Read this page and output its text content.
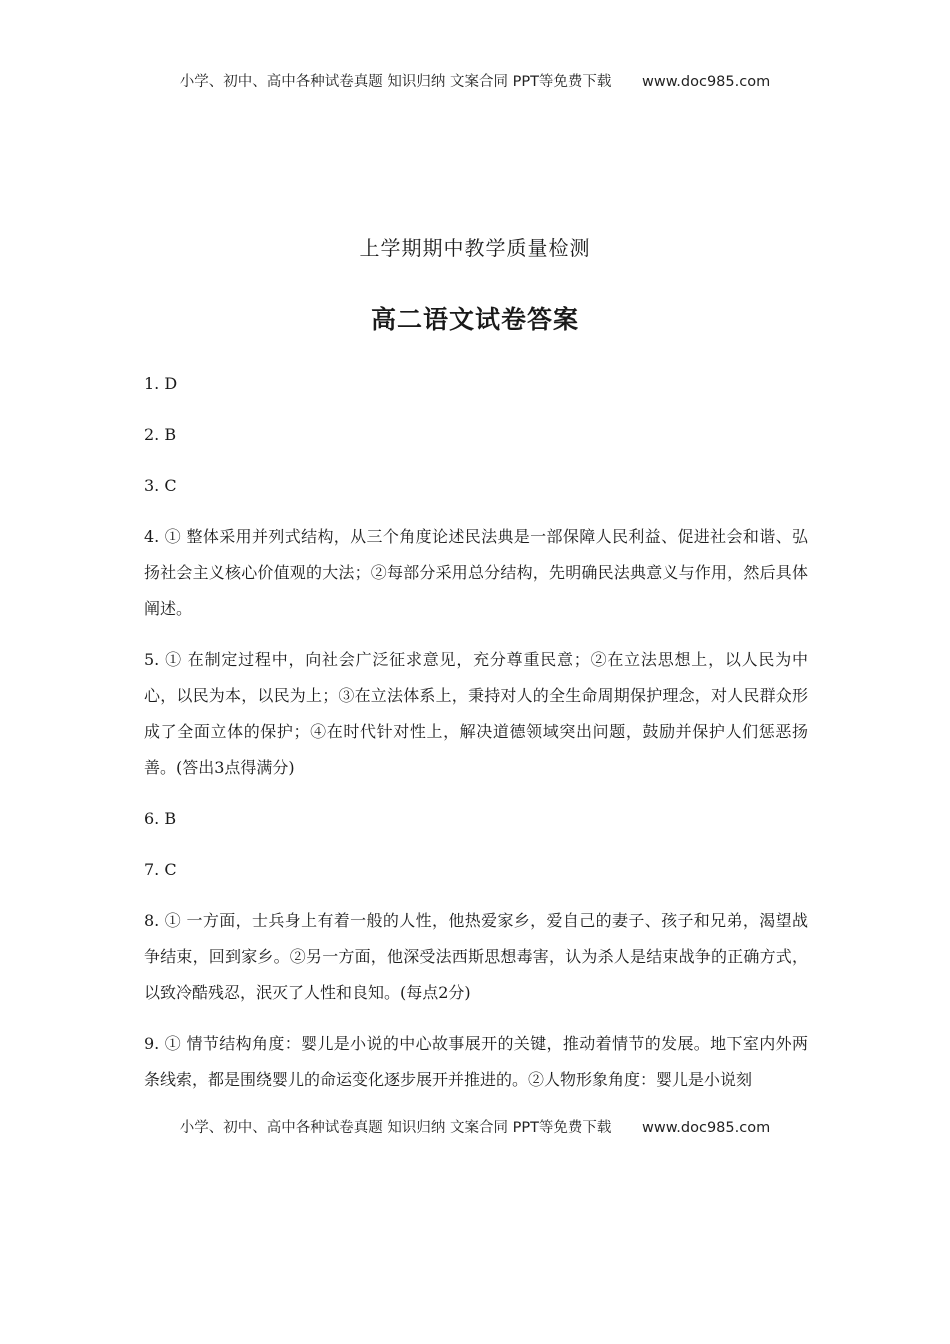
小学、初中、高中各种试卷真题 知识归纳 文案合同 PPT等免费下载 www.doc985.com
上学期期中教学质量检测
高二语文试卷答案

1. D

2. B

3. C

4. ① 整体采用并列式结构，从三个角度论述民法典是一部保障人民利益、促进社会和谐、弘扬社会主义核心价值观的大法；②每部分采用总分结构，先明确民法典意义与作用，然后具体阐述。

5. ① 在制定过程中，向社会广泛征求意见，充分尊重民意；②在立法思想上，以人民为中心，以民为本，以民为上；③在立法体系上，秉持对人的全生命周期保护理念，对人民群众形成了全面立体的保护；④在时代针对性上，解决道德领域突出问题，鼓励并保护人们惩恶扬善。(答出3点得满分)

6. B

7. C

8. ① 一方面，士兵身上有着一般的人性，他热爱家乡，爱自己的妻子、孩子和兄弟，渴望战争结束，回到家乡。②另一方面，他深受法西斯思想毒害，认为杀人是结束战争的正确方式，以致冷酷残忍，泯灭了人性和良知。(每点2分)

9. ① 情节结构角度：婴儿是小说的中心故事展开的关键，推动着情节的发展。地下室内外两条线索，都是围绕婴儿的命运变化逐步展开并推进的。②人物形象角度：婴儿是小说刻

小学、初中、高中各种试卷真题 知识归纳 文案合同 PPT等免费下载 www.doc985.com
